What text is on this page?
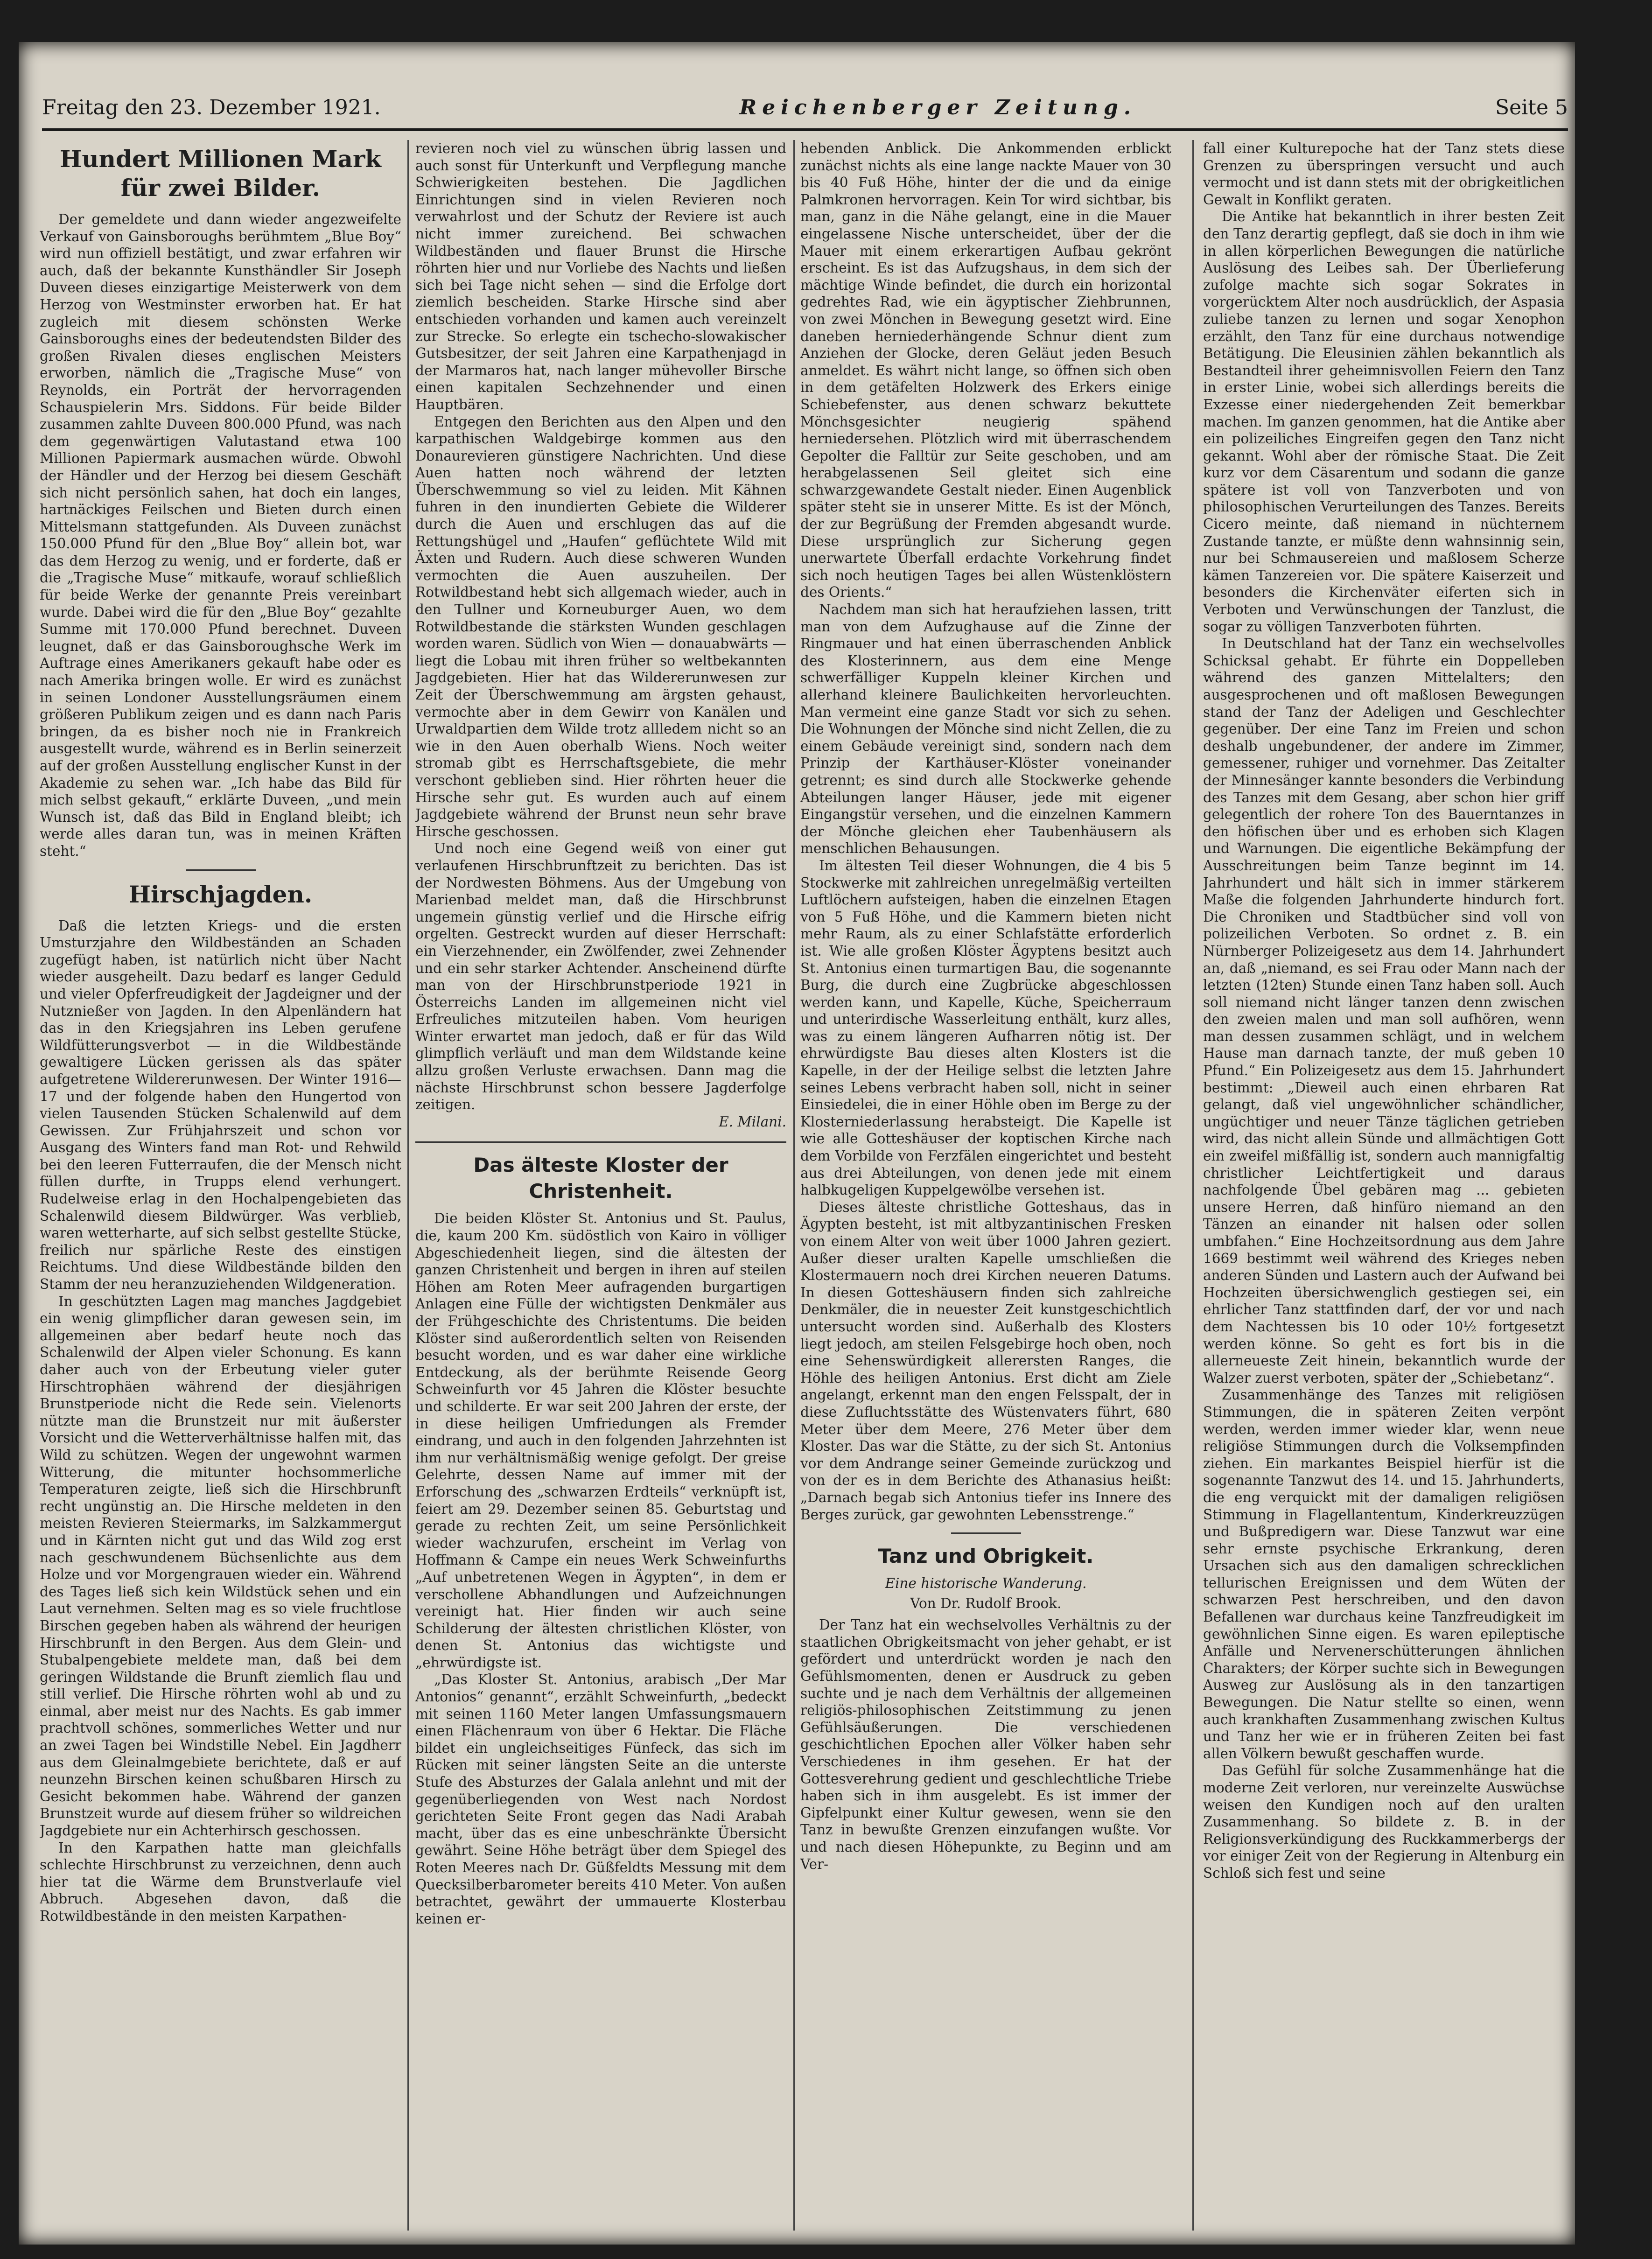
Freitag den 23. Dezember 1921.	Reichenberger Zeitung.	Seite 5
Hundert Millionen Mark für zwei Bilder.

Der gemeldete und dann wieder angezweifelte Verkauf von Gainsboroughs berühmtem „Blue Boy“ wird nun offiziell bestätigt, und zwar erfahren wir auch, daß der bekannte Kunsthändler Sir Joseph Duveen dieses einzigartige Meisterwerk von dem Herzog von Westminster erworben hat. Er hat zugleich mit diesem schönsten Werke Gainsboroughs eines der bedeutendsten Bilder des großen Rivalen dieses englischen Meisters erworben, nämlich die „Tragische Muse“ von Reynolds, ein Porträt der hervorragenden Schauspielerin Mrs. Siddons. Für beide Bilder zusammen zahlte Duveen 800.000 Pfund, was nach dem gegenwärtigen Valutastand etwa 100 Millionen Papiermark ausmachen würde. Obwohl der Händler und der Herzog bei diesem Geschäft sich nicht persönlich sahen, hat doch ein langes, hartnäckiges Feilschen und Bieten durch einen Mittelsmann stattgefunden. Als Duveen zunächst 150.000 Pfund für den „Blue Boy“ allein bot, war das dem Herzog zu wenig, und er forderte, daß er die „Tragische Muse“ mitkaufe, worauf schließlich für beide Werke der genannte Preis vereinbart wurde. Dabei wird die für den „Blue Boy“ gezahlte Summe mit 170.000 Pfund berechnet. Duveen leugnet, daß er das Gainsboroughsche Werk im Auftrage eines Amerikaners gekauft habe oder es nach Amerika bringen wolle. Er wird es zunächst in seinen Londoner Ausstellungsräumen einem größeren Publikum zeigen und es dann nach Paris bringen, da es bisher noch nie in Frankreich ausgestellt wurde, während es in Berlin seinerzeit auf der großen Ausstellung englischer Kunst in der Akademie zu sehen war. „Ich habe das Bild für mich selbst gekauft,“ erklärte Duveen, „und mein Wunsch ist, daß das Bild in England bleibt; ich werde alles daran tun, was in meinen Kräften steht.“

Hirschjagden.

Daß die letzten Kriegs- und die ersten Umsturzjahre den Wildbeständen an Schaden zugefügt haben, ist natürlich nicht über Nacht wieder ausgeheilt. Dazu bedarf es langer Geduld und vieler Opferfreudigkeit der Jagdeigner und der Nutznießer von Jagden. In den Alpenländern hat das in den Kriegsjahren ins Leben gerufene Wildfütterungsverbot — in die Wildbestände gewaltigere Lücken gerissen als das später aufgetretene Wildererunwesen. Der Winter 1916—17 und der folgende haben den Hungertod von vielen Tausenden Stücken Schalenwild auf dem Gewissen. Zur Frühjahrszeit und schon vor Ausgang des Winters fand man Rot- und Rehwild bei den leeren Futterraufen, die der Mensch nicht füllen durfte, in Trupps elend verhungert. Rudelweise erlag in den Hochalpengebieten das Schalenwild diesem Bildwürger. Was verblieb, waren wetterharte, auf sich selbst gestellte Stücke, freilich nur spärliche Reste des einstigen Reichtums. Und diese Wildbestände bilden den Stamm der neu heranzuziehenden Wildgeneration.

In geschützten Lagen mag manches Jagdgebiet ein wenig glimpflicher daran gewesen sein, im allgemeinen aber bedarf heute noch das Schalenwild der Alpen vieler Schonung. Es kann daher auch von der Erbeutung vieler guter Hirschtrophäen während der diesjährigen Brunstperiode nicht die Rede sein. Vielenorts nützte man die Brunstzeit nur mit äußerster Vorsicht und die Wetterverhältnisse halfen mit, das Wild zu schützen. Wegen der ungewohnt warmen Witterung, die mitunter hochsommerliche Temperaturen zeigte, ließ sich die Hirschbrunft recht ungünstig an. Die Hirsche meldeten in den meisten Revieren Steiermarks, im Salzkammergut und in Kärnten nicht gut und das Wild zog erst nach geschwundenem Büchsenlichte aus dem Holze und vor Morgengrauen wieder ein. Während des Tages ließ sich kein Wildstück sehen und ein Laut vernehmen. Selten mag es so viele fruchtlose Birschen gegeben haben als während der heurigen Hirschbrunft in den Bergen. Aus dem Glein- und Stubalpengebiete meldete man, daß bei dem geringen Wildstande die Brunft ziemlich flau und still verlief. Die Hirsche röhrten wohl ab und zu einmal, aber meist nur des Nachts. Es gab immer prachtvoll schönes, sommerliches Wetter und nur an zwei Tagen bei Windstille Nebel. Ein Jagdherr aus dem Gleinalmgebiete berichtete, daß er auf neunzehn Birschen keinen schußbaren Hirsch zu Gesicht bekommen habe. Während der ganzen Brunstzeit wurde auf diesem früher so wildreichen Jagdgebiete nur ein Achterhirsch geschossen.

In den Karpathen hatte man gleichfalls schlechte Hirschbrunst zu verzeichnen, denn auch hier tat die Wärme dem Brunstverlaufe viel Abbruch. Abgesehen davon, daß die Rotwildbestände in den meisten Karpathen-

revieren noch viel zu wünschen übrig lassen und auch sonst für Unterkunft und Verpflegung manche Schwierigkeiten bestehen. Die Jagdlichen Einrichtungen sind in vielen Revieren noch verwahrlost und der Schutz der Reviere ist auch nicht immer zureichend. Bei schwachen Wildbeständen und flauer Brunst die Hirsche röhrten hier und nur Vorliebe des Nachts und ließen sich bei Tage nicht sehen — sind die Erfolge dort ziemlich bescheiden. Starke Hirsche sind aber entschieden vorhanden und kamen auch vereinzelt zur Strecke. So erlegte ein tschecho-slowakischer Gutsbesitzer, der seit Jahren eine Karpathenjagd in der Marmaros hat, nach langer mühevoller Birsche einen kapitalen Sechzehnender und einen Hauptbären.

Entgegen den Berichten aus den Alpen und den karpathischen Waldgebirge kommen aus den Donaurevieren günstigere Nachrichten. Und diese Auen hatten noch während der letzten Überschwemmung so viel zu leiden. Mit Kähnen fuhren in den inundierten Gebiete die Wilderer durch die Auen und erschlugen das auf die Rettungshügel und „Haufen“ geflüchtete Wild mit Äxten und Rudern. Auch diese schweren Wunden vermochten die Auen auszuheilen. Der Rotwildbestand hebt sich allgemach wieder, auch in den Tullner und Korneuburger Auen, wo dem Rotwildbestande die stärksten Wunden geschlagen worden waren. Südlich von Wien — donauabwärts — liegt die Lobau mit ihren früher so weltbekannten Jagdgebieten. Hier hat das Wildererunwesen zur Zeit der Überschwemmung am ärgsten gehaust, vermochte aber in dem Gewirr von Kanälen und Urwaldpartien dem Wilde trotz allledem nicht so an wie in den Auen oberhalb Wiens. Noch weiter stromab gibt es Herrschaftsgebiete, die mehr verschont geblieben sind. Hier röhrten heuer die Hirsche sehr gut. Es wurden auch auf einem Jagdgebiete während der Brunst neun sehr brave Hirsche geschossen.

Und noch eine Gegend weiß von einer gut verlaufenen Hirschbrunftzeit zu berichten. Das ist der Nordwesten Böhmens. Aus der Umgebung von Marienbad meldet man, daß die Hirschbrunst ungemein günstig verlief und die Hirsche eifrig orgelten. Gestreckt wurden auf dieser Herrschaft: ein Vierzehnender, ein Zwölfender, zwei Zehnender und ein sehr starker Achtender. Anscheinend dürfte man von der Hirschbrunstperiode 1921 in Österreichs Landen im allgemeinen nicht viel Erfreuliches mitzuteilen haben. Vom heurigen Winter erwartet man jedoch, daß er für das Wild glimpflich verläuft und man dem Wildstande keine allzu großen Verluste erwachsen. Dann mag die nächste Hirschbrunst schon bessere Jagderfolge zeitigen.

E. Milani.
Das älteste Kloster der Christenheit.

Die beiden Klöster St. Antonius und St. Paulus, die, kaum 200 Km. südöstlich von Kairo in völliger Abgeschiedenheit liegen, sind die ältesten der ganzen Christenheit und bergen in ihren auf steilen Höhen am Roten Meer aufragenden burgartigen Anlagen eine Fülle der wichtigsten Denkmäler aus der Frühgeschichte des Christentums. Die beiden Klöster sind außerordentlich selten von Reisenden besucht worden, und es war daher eine wirkliche Entdeckung, als der berühmte Reisende Georg Schweinfurth vor 45 Jahren die Klöster besuchte und schilderte. Er war seit 200 Jahren der erste, der in diese heiligen Umfriedungen als Fremder eindrang, und auch in den folgenden Jahrzehnten ist ihm nur verhältnismäßig wenige gefolgt. Der greise Gelehrte, dessen Name auf immer mit der Erforschung des „schwarzen Erdteils“ verknüpft ist, feiert am 29. Dezember seinen 85. Geburtstag und gerade zu rechten Zeit, um seine Persönlichkeit wieder wachzurufen, erscheint im Verlag von Hoffmann & Campe ein neues Werk Schweinfurths „Auf unbetretenen Wegen in Ägypten“, in dem er verschollene Abhandlungen und Aufzeichnungen vereinigt hat. Hier finden wir auch seine Schilderung der ältesten christlichen Klöster, von denen St. Antonius das wichtigste und „ehrwürdigste ist.

„Das Kloster St. Antonius, arabisch „Der Mar Antonios“ genannt“, erzählt Schweinfurth, „bedeckt mit seinen 1160 Meter langen Umfassungsmauern einen Flächenraum von über 6 Hektar. Die Fläche bildet ein ungleichseitiges Fünfeck, das sich im Rücken mit seiner längsten Seite an die unterste Stufe des Absturzes der Galala anlehnt und mit der gegenüberliegenden von West nach Nordost gerichteten Seite Front gegen das Nadi Arabah macht, über das es eine unbeschränkte Übersicht gewährt. Seine Höhe beträgt über dem Spiegel des Roten Meeres nach Dr. Güßfeldts Messung mit dem Quecksilberbarometer bereits 410 Meter. Von außen betrachtet, gewährt der ummauerte Klosterbau keinen er-

hebenden Anblick. Die Ankommenden erblickt zunächst nichts als eine lange nackte Mauer von 30 bis 40 Fuß Höhe, hinter der die und da einige Palmkronen hervorragen. Kein Tor wird sichtbar, bis man, ganz in die Nähe gelangt, eine in die Mauer eingelassene Nische unterscheidet, über der die Mauer mit einem erkerartigen Aufbau gekrönt erscheint. Es ist das Aufzugshaus, in dem sich der mächtige Winde befindet, die durch ein horizontal gedrehtes Rad, wie ein ägyptischer Ziehbrunnen, von zwei Mönchen in Bewegung gesetzt wird. Eine daneben herniederhängende Schnur dient zum Anziehen der Glocke, deren Geläut jeden Besuch anmeldet. Es währt nicht lange, so öffnen sich oben in dem getäfelten Holzwerk des Erkers einige Schiebefenster, aus denen schwarz bekuttete Mönchsgesichter neugierig spähend herniedersehen. Plötzlich wird mit überraschendem Gepolter die Falltür zur Seite geschoben, und am herabgelassenen Seil gleitet sich eine schwarzgewandete Gestalt nieder. Einen Augenblick später steht sie in unserer Mitte. Es ist der Mönch, der zur Begrüßung der Fremden abgesandt wurde. Diese ursprünglich zur Sicherung gegen unerwartete Überfall erdachte Vorkehrung findet sich noch heutigen Tages bei allen Wüstenklöstern des Orients.“

Nachdem man sich hat heraufziehen lassen, tritt man von dem Aufzughause auf die Zinne der Ringmauer und hat einen überraschenden Anblick des Klosterinnern, aus dem eine Menge schwerfälliger Kuppeln kleiner Kirchen und allerhand kleinere Baulichkeiten hervorleuchten. Man vermeint eine ganze Stadt vor sich zu sehen. Die Wohnungen der Mönche sind nicht Zellen, die zu einem Gebäude vereinigt sind, sondern nach dem Prinzip der Karthäuser-Klöster voneinander getrennt; es sind durch alle Stockwerke gehende Abteilungen langer Häuser, jede mit eigener Eingangstür versehen, und die einzelnen Kammern der Mönche gleichen eher Taubenhäusern als menschlichen Behausungen.

Im ältesten Teil dieser Wohnungen, die 4 bis 5 Stockwerke mit zahlreichen unregelmäßig verteilten Luftlöchern aufsteigen, haben die einzelnen Etagen von 5 Fuß Höhe, und die Kammern bieten nicht mehr Raum, als zu einer Schlafstätte erforderlich ist. Wie alle großen Klöster Ägyptens besitzt auch St. Antonius einen turmartigen Bau, die sogenannte Burg, die durch eine Zugbrücke abgeschlossen werden kann, und Kapelle, Küche, Speicherraum und unterirdische Wasserleitung enthält, kurz alles, was zu einem längeren Aufharren nötig ist. Der ehrwürdigste Bau dieses alten Klosters ist die Kapelle, in der der Heilige selbst die letzten Jahre seines Lebens verbracht haben soll, nicht in seiner Einsiedelei, die in einer Höhle oben im Berge zu der Klosterniederlassung herabsteigt. Die Kapelle ist wie alle Gotteshäuser der koptischen Kirche nach dem Vorbilde von Ferzfälen eingerichtet und besteht aus drei Abteilungen, von denen jede mit einem halbkugeligen Kuppelgewölbe versehen ist.

Dieses älteste christliche Gotteshaus, das in Ägypten besteht, ist mit altbyzantinischen Fresken von einem Alter von weit über 1000 Jahren geziert. Außer dieser uralten Kapelle umschließen die Klostermauern noch drei Kirchen neueren Datums. In diesen Gotteshäusern finden sich zahlreiche Denkmäler, die in neuester Zeit kunstgeschichtlich untersucht worden sind. Außerhalb des Klosters liegt jedoch, am steilen Felsgebirge hoch oben, noch eine Sehenswürdigkeit allerersten Ranges, die Höhle des heiligen Antonius. Erst dicht am Ziele angelangt, erkennt man den engen Felsspalt, der in diese Zufluchtsstätte des Wüstenvaters führt, 680 Meter über dem Meere, 276 Meter über dem Kloster. Das war die Stätte, zu der sich St. Antonius vor dem Andrange seiner Gemeinde zurückzog und von der es in dem Berichte des Athanasius heißt: „Darnach begab sich Antonius tiefer ins Innere des Berges zurück, gar gewohnten Lebensstrenge.“

Tanz und Obrigkeit.
Eine historische Wanderung.
Von Dr. Rudolf Brook.

Der Tanz hat ein wechselvolles Verhältnis zu der staatlichen Obrigkeitsmacht von jeher gehabt, er ist gefördert und unterdrückt worden je nach den Gefühlsmomenten, denen er Ausdruck zu geben suchte und je nach dem Verhältnis der allgemeinen religiös-philosophischen Zeitstimmung zu jenen Gefühlsäußerungen. Die verschiedenen geschichtlichen Epochen aller Völker haben sehr Verschiedenes in ihm gesehen. Er hat der Gottesverehrung gedient und geschlechtliche Triebe haben sich in ihm ausgelebt. Es ist immer der Gipfelpunkt einer Kultur gewesen, wenn sie den Tanz in bewußte Grenzen einzufangen wußte. Vor und nach diesen Höhepunkte, zu Beginn und am Ver-

fall einer Kulturepoche hat der Tanz stets diese Grenzen zu überspringen versucht und auch vermocht und ist dann stets mit der obrigkeitlichen Gewalt in Konflikt geraten.

Die Antike hat bekanntlich in ihrer besten Zeit den Tanz derartig gepflegt, daß sie doch in ihm wie in allen körperlichen Bewegungen die natürliche Auslösung des Leibes sah. Der Überlieferung zufolge machte sich sogar Sokrates in vorgerücktem Alter noch ausdrücklich, der Aspasia zuliebe tanzen zu lernen und sogar Xenophon erzählt, den Tanz für eine durchaus notwendige Betätigung. Die Eleusinien zählen bekanntlich als Bestandteil ihrer geheimnisvollen Feiern den Tanz in erster Linie, wobei sich allerdings bereits die Exzesse einer niedergehenden Zeit bemerkbar machen. Im ganzen genommen, hat die Antike aber ein polizeiliches Eingreifen gegen den Tanz nicht gekannt. Wohl aber der römische Staat. Die Zeit kurz vor dem Cäsarentum und sodann die ganze spätere ist voll von Tanzverboten und von philosophischen Verurteilungen des Tanzes. Bereits Cicero meinte, daß niemand in nüchternem Zustande tanzte, er müßte denn wahnsinnig sein, nur bei Schmausereien und maßlosem Scherze kämen Tanzereien vor. Die spätere Kaiserzeit und besonders die Kirchenväter eiferten sich in Verboten und Verwünschungen der Tanzlust, die sogar zu völligen Tanzverboten führten.

In Deutschland hat der Tanz ein wechselvolles Schicksal gehabt. Er führte ein Doppelleben während des ganzen Mittelalters; den ausgesprochenen und oft maßlosen Bewegungen stand der Tanz der Adeligen und Geschlechter gegenüber. Der eine Tanz im Freien und schon deshalb ungebundener, der andere im Zimmer, gemessener, ruhiger und vornehmer. Das Zeitalter der Minnesänger kannte besonders die Verbindung des Tanzes mit dem Gesang, aber schon hier griff gelegentlich der rohere Ton des Bauerntanzes in den höfischen über und es erhoben sich Klagen und Warnungen. Die eigentliche Bekämpfung der Ausschreitungen beim Tanze beginnt im 14. Jahrhundert und hält sich in immer stärkerem Maße die folgenden Jahrhunderte hindurch fort. Die Chroniken und Stadtbücher sind voll von polizeilichen Verboten. So ordnet z. B. ein Nürnberger Polizeigesetz aus dem 14. Jahrhundert an, daß „niemand, es sei Frau oder Mann nach der letzten (12ten) Stunde einen Tanz haben soll. Auch soll niemand nicht länger tanzen denn zwischen den zweien malen und man soll aufhören, wenn man dessen zusammen schlägt, und in welchem Hause man darnach tanzte, der muß geben 10 Pfund.“ Ein Polizeigesetz aus dem 15. Jahrhundert bestimmt: „Dieweil auch einen ehrbaren Rat gelangt, daß viel ungewöhnlicher schändlicher, ungüchtiger und neuer Tänze täglichen getrieben wird, das nicht allein Sünde und allmächtigen Gott ein zweifel mißfällig ist, sondern auch mannigfaltig christlicher Leichtfertigkeit und daraus nachfolgende Übel gebären mag ... gebieten unsere Herren, daß hinfüro niemand an den Tänzen an einander nit halsen oder sollen umbfahen.“ Eine Hochzeitsordnung aus dem Jahre 1669 bestimmt weil während des Krieges neben anderen Sünden und Lastern auch der Aufwand bei Hochzeiten übersichwenglich gestiegen sei, ein ehrlicher Tanz stattfinden darf, der vor und nach dem Nachtessen bis 10 oder 10½ fortgesetzt werden könne. So geht es fort bis in die allerneueste Zeit hinein, bekanntlich wurde der Walzer zuerst verboten, später der „Schiebetanz“.

Zusammenhänge des Tanzes mit religiösen Stimmungen, die in späteren Zeiten verpönt werden, werden immer wieder klar, wenn neue religiöse Stimmungen durch die Volksempfinden ziehen. Ein markantes Beispiel hierfür ist die sogenannte Tanzwut des 14. und 15. Jahrhunderts, die eng verquickt mit der damaligen religiösen Stimmung in Flagellantentum, Kinderkreuzzügen und Bußpredigern war. Diese Tanzwut war eine sehr ernste psychische Erkrankung, deren Ursachen sich aus den damaligen schrecklichen tellurischen Ereignissen und dem Wüten der schwarzen Pest herschreiben, und den davon Befallenen war durchaus keine Tanzfreudigkeit im gewöhnlichen Sinne eigen. Es waren epileptische Anfälle und Nervenerschütterungen ähnlichen Charakters; der Körper suchte sich in Bewegungen Ausweg zur Auslösung als in den tanzartigen Bewegungen. Die Natur stellte so einen, wenn auch krankhaften Zusammenhang zwischen Kultus und Tanz her wie er in früheren Zeiten bei fast allen Völkern bewußt geschaffen wurde.

Das Gefühl für solche Zusammenhänge hat die moderne Zeit verloren, nur vereinzelte Auswüchse weisen den Kundigen noch auf den uralten Zusammenhang. So bildete z. B. in der Religionsverkündigung des Ruckkammerbergs der vor einiger Zeit von der Regierung in Altenburg ein Schloß sich fest und seine
